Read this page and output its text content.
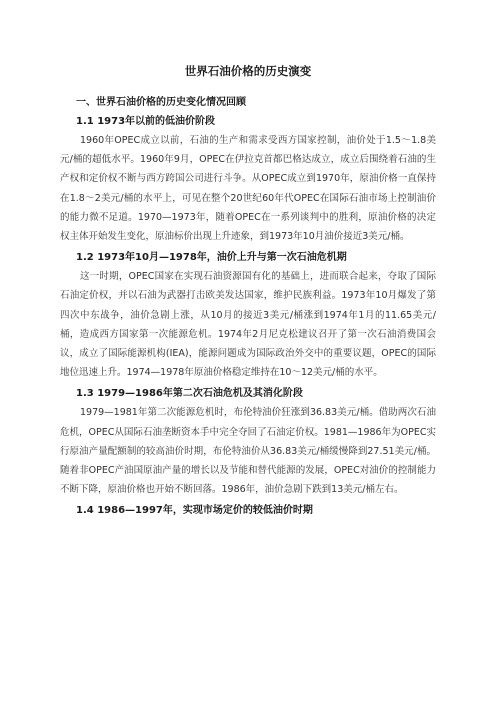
世界石油价格的历史演变
一、世界石油价格的历史变化情况回顾
1.1 1973年以前的低油价阶段

1960年OPEC成立以前，石油的生产和需求受西方国家控制，油价处于1.5～1.8美元/桶的超低水平。1960年9月，OPEC在伊拉克首都巴格达成立，成立后围绕着石油的生产权和定价权不断与西方跨国公司进行斗争。从OPEC成立到1970年，原油价格一直保持在1.8～2美元/桶的水平上，可见在整个20世纪60年代OPEC在国际石油市场上控制油价的能力微不足道。1970—1973年，随着OPEC在一系列谈判中的胜利，原油价格的决定权主体开始发生变化，原油标价出现上升迹象，到1973年10月油价接近3美元/桶。

1.2 1973年10月—1978年，油价上升与第一次石油危机期

这一时期，OPEC国家在实现石油资源国有化的基础上，进而联合起来，夺取了国际石油定价权，并以石油为武器打击欧美发达国家，维护民族利益。1973年10月爆发了第四次中东战争，油价急剧上涨，从10月的接近3美元/桶涨到1974年1月的11.65美元/桶，造成西方国家第一次能源危机。1974年2月尼克松建议召开了第一次石油消费国会议，成立了国际能源机构(IEA)，能源问题成为国际政治外交中的重要议题，OPEC的国际地位迅速上升。1974—1978年原油价格稳定维持在10～12美元/桶的水平。

1.3 1979—1986年第二次石油危机及其消化阶段

1979—1981年第二次能源危机时，布伦特油价狂涨到36.83美元/桶。借助两次石油危机，OPEC从国际石油垄断资本手中完全夺回了石油定价权。1981—1986年为OPEC实行原油产量配额制的较高油价时期，布伦特油价从36.83美元/桶缓慢降到27.51美元/桶。随着非OPEC产油国原油产量的增长以及节能和替代能源的发展，OPEC对油价的控制能力不断下降，原油价格也开始不断回落。1986年，油价急剧下跌到13美元/桶左右。

1.4 1986—1997年，实现市场定价的较低油价时期
